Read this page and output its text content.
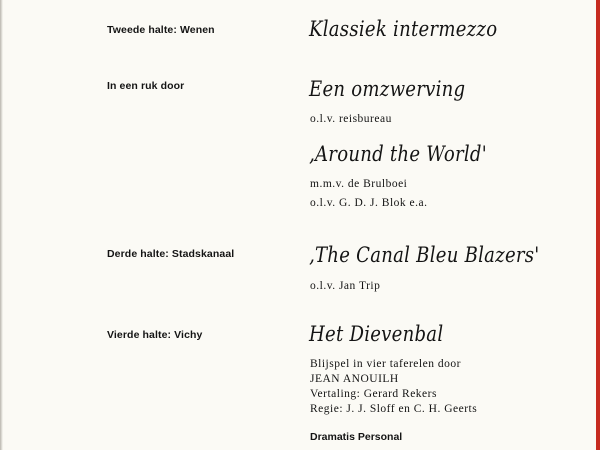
Tweede halte: Wenen	Klassiek intermezzo
In een ruk door	Een omzwerving
o.l.v. reisbureau
‚Around the World'
m.m.v. de Brulboei
o.l.v. G. D. J. Blok e.a.
Derde halte: Stadskanaal	‚The Canal Bleu Blazers'
o.l.v. Jan Trip
Vierde halte: Vichy	Het Dievenbal
Blijspel in vier taferelen door
JEAN ANOUILH
Vertaling: Gerard Rekers
Regie: J. J. Sloff en C. H. Geerts
Dramatis Personal
